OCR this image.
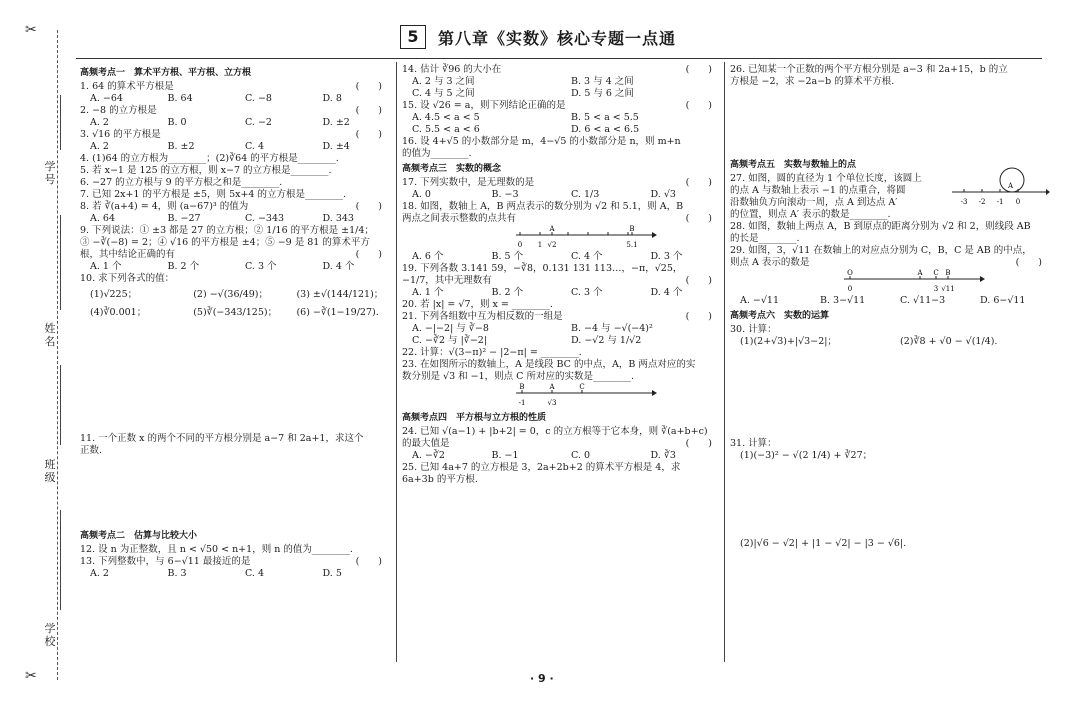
✂
✂
学号
姓名
班级
学校
5	第八章《实数》核心专题一点通
高频考点一　算术平方根、平方根、立方根
1. 64 的算术平方根是	(　　)
A. −64	B. 64	C. −8	D. 8
2. −8 的立方根是	(　　)
A. 2	B. 0	C. −2	D. ±2
3. √16 的平方根是	(　　)
A. 2	B. ±2	C. 4	D. ±4
4. (1)64 的立方根为________；(2)∛64 的平方根是________.
5. 若 x−1 是 125 的立方根，则 x−7 的立方根是________.
6. −27 的立方根与 9 的平方根之和是________.
7. 已知 2x+1 的平方根是 ±5，则 5x+4 的立方根是________.
8. 若 ∛(a+4) = 4，则 (a−67)³ 的值为	(　　)
A. 64	B. −27	C. −343	D. 343
9. 下列说法：① ±3 都是 27 的立方根；② 1/16 的平方根是 ±1/4；
③ −∛(−8) = 2；④ √16 的平方根是 ±4；⑤ −9 是 81 的算术平方
根，其中结论正确的有	(　　)
A. 1 个	B. 2 个	C. 3 个	D. 4 个
10. 求下列各式的值：
(1)√225；	(2) −√(36/49)；	(3) ±√(144/121)；
(4)∛0.001；	(5)∛(−343/125)；	(6) −∛(1−19/27).
11. 一个正数 x 的两个不同的平方根分别是 a−7 和 2a+1，求这个
正数.
高频考点二　估算与比较大小
12. 设 n 为正整数，且 n < √50 < n+1，则 n 的值为________.
13. 下列整数中，与 6−√11 最接近的是	(　　)
A. 2	B. 3	C. 4	D. 5
14. 估计 ∛96 的大小在	(　　)
A. 2 与 3 之间	B. 3 与 4 之间
C. 4 与 5 之间	D. 5 与 6 之间
15. 设 √26 = a，则下列结论正确的是	(　　)
A. 4.5 < a < 5	B. 5 < a < 5.5
C. 5.5 < a < 6	D. 6 < a < 6.5
16. 设 4+√5 的小数部分是 m，4−√5 的小数部分是 n，则 m+n
的值为________.
高频考点三　实数的概念
17. 下列实数中，是无理数的是	(　　)
A. 0	B. −3	C. 1/3	D. √3
18. 如图，数轴上 A，B 两点表示的数分别为 √2 和 5.1，则 A，B
两点之间表示整数的点共有	(　　)
0 1
A
√2
B
5.1
A. 6 个	B. 5 个	C. 4 个	D. 3 个
19. 下列各数 3.141 59，−∛8，0.131 131 113…，−π，√25，
−1/7，其中无理数有	(　　)
A. 1 个	B. 2 个	C. 3 个	D. 4 个
20. 若 |x| = √7，则 x = ________.
21. 下列各组数中互为相反数的一组是	(　　)
A. −|−2| 与 ∛−8	B. −4 与 −√(−4)²
C. −∛2 与 |∛−2|	D. −√2 与 1/√2
22. 计算：√(3−π)² − |2−π| = ________.
23. 在如图所示的数轴上，A 是线段 BC 的中点，A，B 两点对应的实
数分别是 √3 和 −1，则点 C 所对应的实数是________.
B
-1
A
√3
C
高频考点四　平方根与立方根的性质
24. 已知 √(a−1) + |b+2| = 0，c 的立方根等于它本身，则 ∛(a+b+c)
的最大值是	(　　)
A. −∛2	B. −1	C. 0	D. ∛3
25. 已知 4a+7 的立方根是 3，2a+2b+2 的算术平方根是 4，求
6a+3b 的平方根.
26. 已知某一个正数的两个平方根分别是 a−3 和 2a+15，b 的立
方根是 −2，求 −2a−b 的算术平方根.
高频考点五　实数与数轴上的点
27. 如图，圆的直径为 1 个单位长度，该圆上
的点 A 与数轴上表示 −1 的点重合，将圆
沿数轴负方向滚动一周，点 A 到达点 A′
的位置，则点 A′ 表示的数是________.
28. 如图，数轴上两点 A，B 到原点的距离分别为 √2 和 2，则线段 AB
的长是________.
29. 如图，3，√11 在数轴上的对应点分别为 C，B，C 是 AB 的中点，
则点 A 表示的数是	(　　)
O
0
A C
3
B
√11
A. −√11	B. 3−√11	C. √11−3	D. 6−√11
高频考点六　实数的运算
30. 计算：
(1)(2+√3)+|√3−2|；	(2)∛8 + √0 − √(1/4).
31. 计算：
(1)(−3)² − √(2 1/4) + ∛27；
(2)|√6 − √2| + |1 − √2| − |3 − √6|.
-3 -2 -1 0
A
· 9 ·
